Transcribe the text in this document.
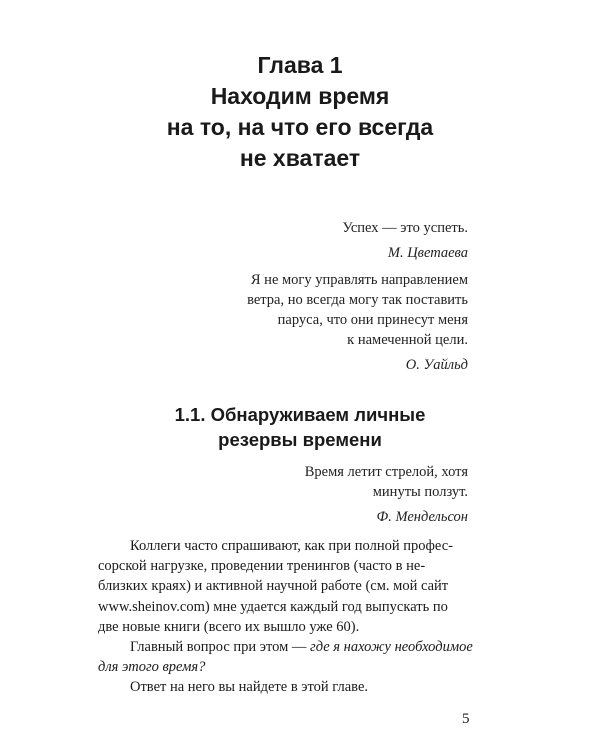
Глава 1
Находим время
на то, на что его всегда
не хватает
Успех — это успеть.
М. Цветаева
Я не могу управлять направлением
ветра, но всегда могу так поставить
паруса, что они принесут меня
к намеченной цели.
О. Уайльд
1.1. Обнаруживаем личные
резервы времени
Время летит стрелой, хотя
минуты ползут.
Ф. Мендельсон
Коллеги часто спрашивают, как при полной профес-
сорской нагрузке, проведении тренингов (часто в не-
близких краях) и активной научной работе (см. мой сайт
www.sheinov.com) мне удается каждый год выпускать по
две новые книги (всего их вышло уже 60).
Главный вопрос при этом — где я нахожу необходимое
для этого время?
Ответ на него вы найдете в этой главе.
5
